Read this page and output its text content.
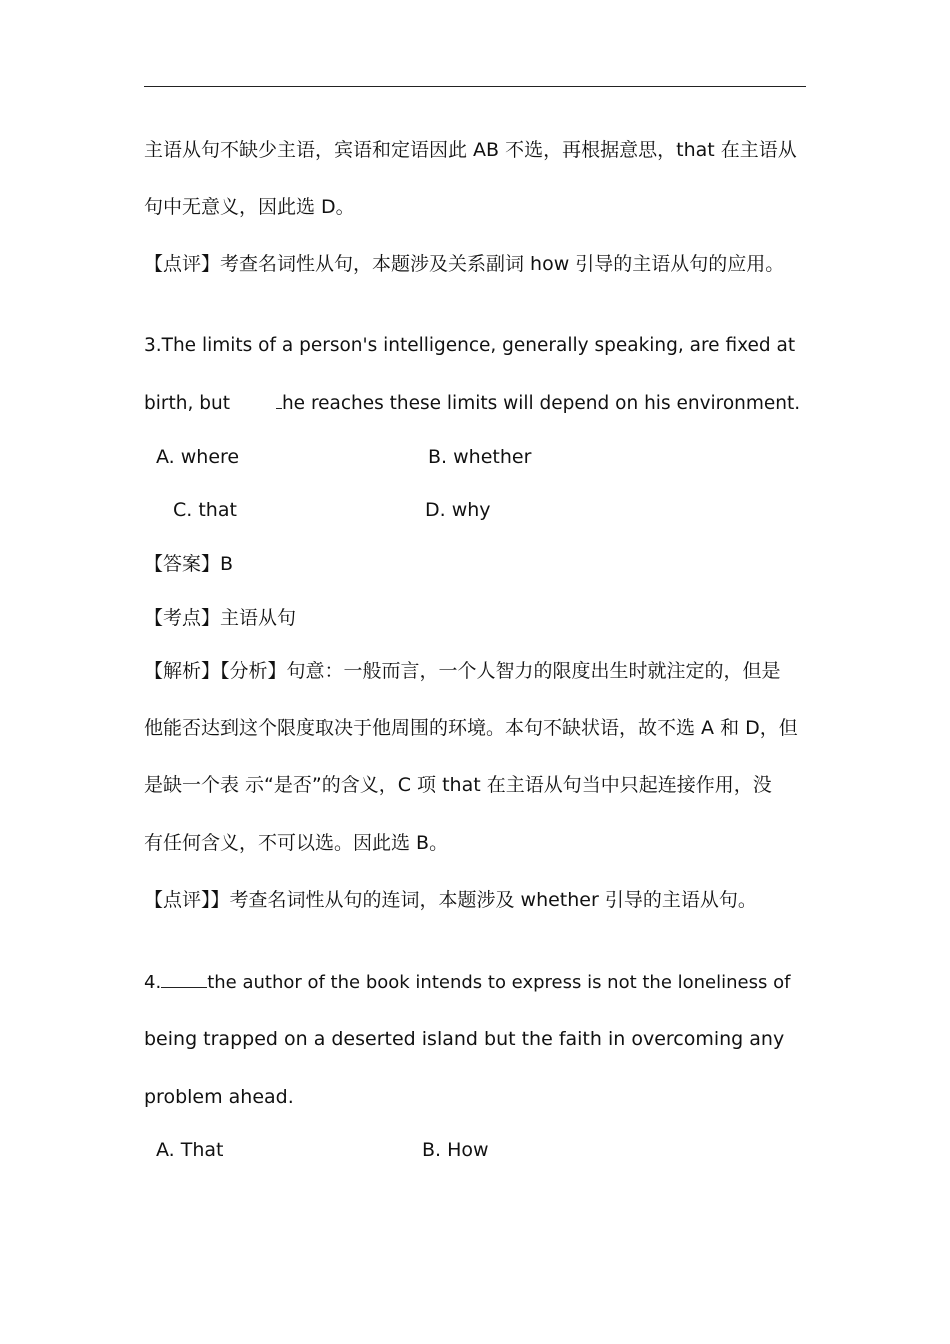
主语从句不缺少主语，宾语和定语因此 AB 不选，再根据意思，that 在主语从
句中无意义，因此选 D。
【点评】考查名词性从句，本题涉及关系副词 how 引导的主语从句的应用。
3.The limits of a person's intelligence, generally speaking, are fixed at
birth, but	he reaches these limits will depend on his environment.
A. where	B. whether
C. that	D. why
【答案】B
【考点】主语从句
【解析】【分析】句意：一般而言，一个人智力的限度出生时就注定的，但是
他能否达到这个限度取决于他周围的环境。本句不缺状语，故不选 A 和 D，但
是缺一个表 示“是否”的含义，C 项 that 在主语从句当中只起连接作用，没
有任何含义，不可以选。因此选 B。
【点评】】考查名词性从句的连词，本题涉及 whether 引导的主语从句。
4.	the author of the book intends to express is not the loneliness of
being trapped on a deserted island but the faith in overcoming any
problem ahead.
A. That	B. How
